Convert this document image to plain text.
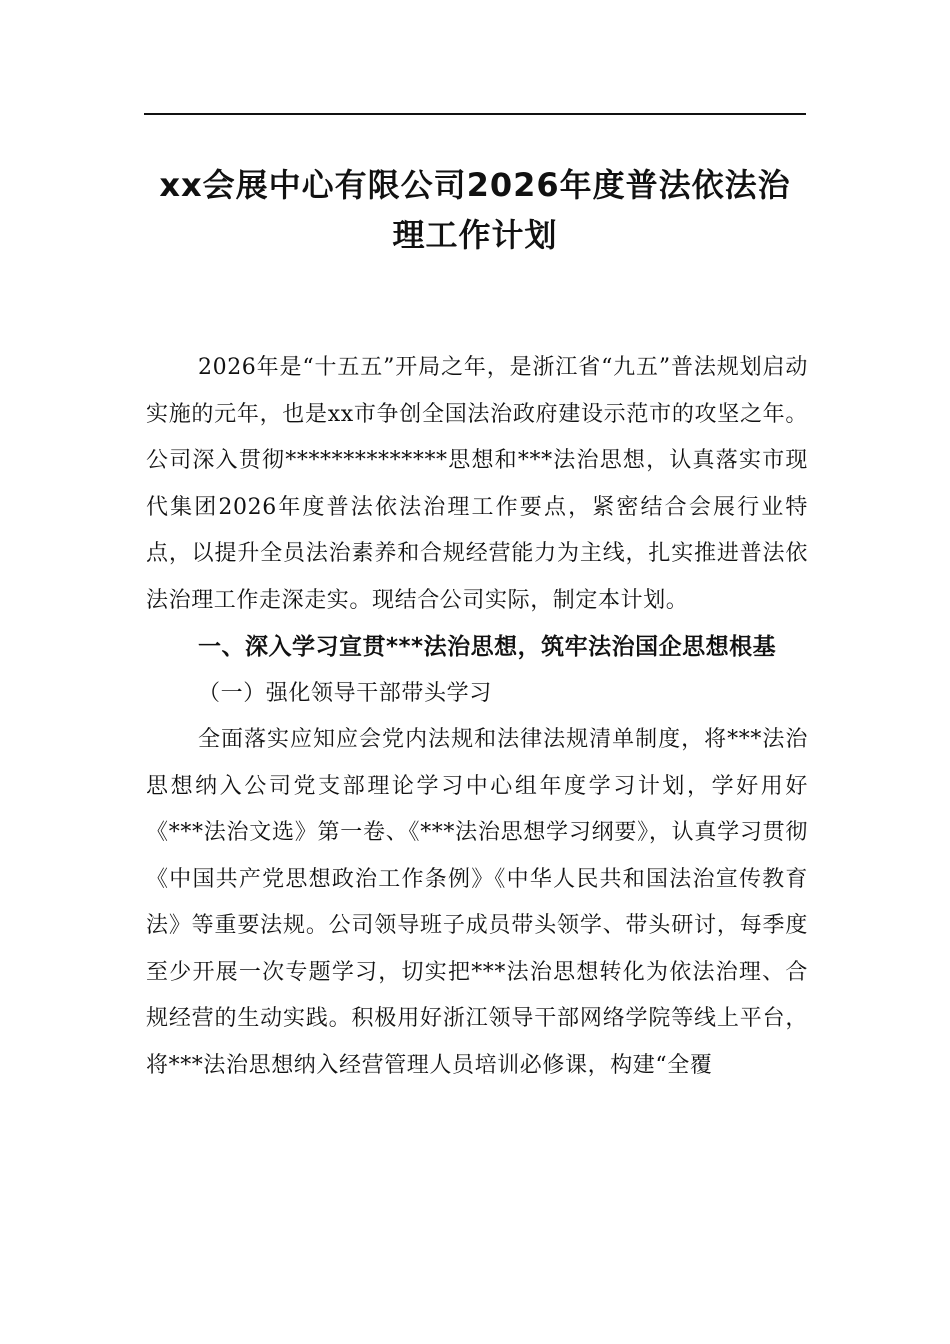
xx会展中心有限公司2026年度普法依法治
理工作计划

2026年是“十五五”开局之年，是浙江省“九五”普法规划启动实施的元年，也是xx市争创全国法治政府建设示范市的攻坚之年。公司深入贯彻**************思想和***法治思想，认真落实市现代集团2026年度普法依法治理工作要点，紧密结合会展行业特点，以提升全员法治素养和合规经营能力为主线，扎实推进普法依法治理工作走深走实。现结合公司实际，制定本计划。

一、深入学习宣贯***法治思想，筑牢法治国企思想根基

（一）强化领导干部带头学习

全面落实应知应会党内法规和法律法规清单制度，将***法治思想纳入公司党支部理论学习中心组年度学习计划，学好用好《***法治文选》第一卷、《***法治思想学习纲要》，认真学习贯彻《中国共产党思想政治工作条例》《中华人民共和国法治宣传教育法》等重要法规。公司领导班子成员带头领学、带头研讨，每季度至少开展一次专题学习，切实把***法治思想转化为依法治理、合规经营的生动实践。积极用好浙江领导干部网络学院等线上平台，将***法治思想纳入经营管理人员培训必修课，构建“全覆
